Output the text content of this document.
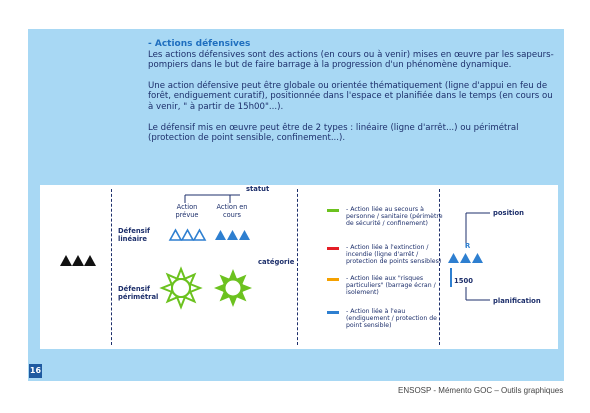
- Actions défensives

Les actions défensives sont des actions (en cours ou à venir) mises en œuvre par les sapeurs-pompiers dans le but de faire barrage à la progression d'un phénomène dynamique.

Une action défensive peut être globale ou orientée thématiquement (ligne d'appui en feu de forêt, endiguement curatif), positionnée dans l'espace et planifiée dans le temps (en cours ou à venir, " à partir de 15h00"...).

Le défensif mis en œuvre peut être de 2 types : linéaire (ligne d'arrêt...) ou périmétral (protection de point sensible, confinement...).

statut
Action prévue
Action en cours
Défensif linéaire
Défensif périmétral
catégorie
- Action liée au secours à personne / sanitaire (périmètre de sécurité / confinement)
- Action liée à l'extinction / incendie (ligne d'arrêt / protection de points sensibles)
- Action liée aux "risques particuliers" (barrage écran / isolement)
- Action liée à l'eau (endiguement / protection de point sensible)
position
planification
R
1500
16
ENSOSP - Mémento GOC – Outils graphiques
